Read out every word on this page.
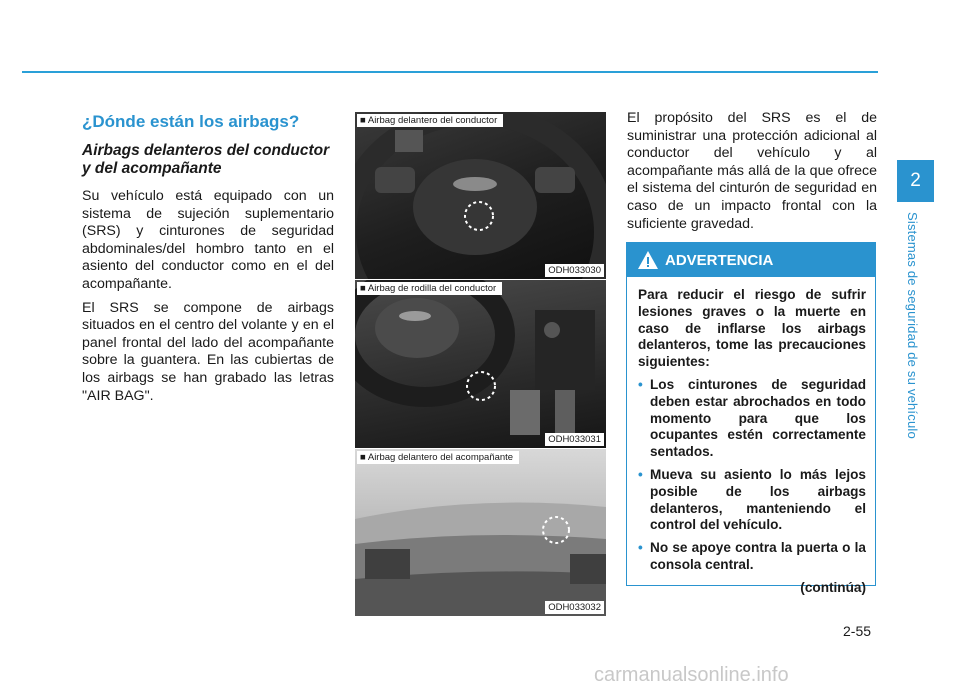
¿Dónde están los airbags?
Airbags delanteros del conductor y del acompañante

Su vehículo está equipado con un sistema de sujeción suplementario (SRS) y cinturones de seguridad abdominales/del hombro tanto en el asiento del conductor como en el del acompañante.

El SRS se compone de airbags situados en el centro del volante y en el panel frontal del lado del acompañante sobre la guantera. En las cubiertas de los airbags se han grabado las letras "AIR BAG".

■ Airbag delantero del conductor
ODH033030
■ Airbag de rodilla del conductor
ODH033031
■ Airbag delantero del acompañante
ODH033032

El propósito del SRS es el de suministrar una protección adicional al conductor del vehículo y al acompañante más allá de la que ofrece el sistema del cinturón de seguridad en caso de un impacto frontal con la suficiente gravedad.

ADVERTENCIA

Para reducir el riesgo de sufrir lesiones graves o la muerte en caso de inflarse los airbags delanteros, tome las precauciones siguientes:

• Los cinturones de seguridad deben estar abrochados en todo momento para que los ocupantes estén correctamente sentados.
• Mueva su asiento lo más lejos posible de los airbags delanteros, manteniendo el control del vehículo.
• No se apoye contra la puerta o la consola central.
(continúa)
2
Sistemas de seguridad de su vehículo
2-55
carmanualsonline.info
